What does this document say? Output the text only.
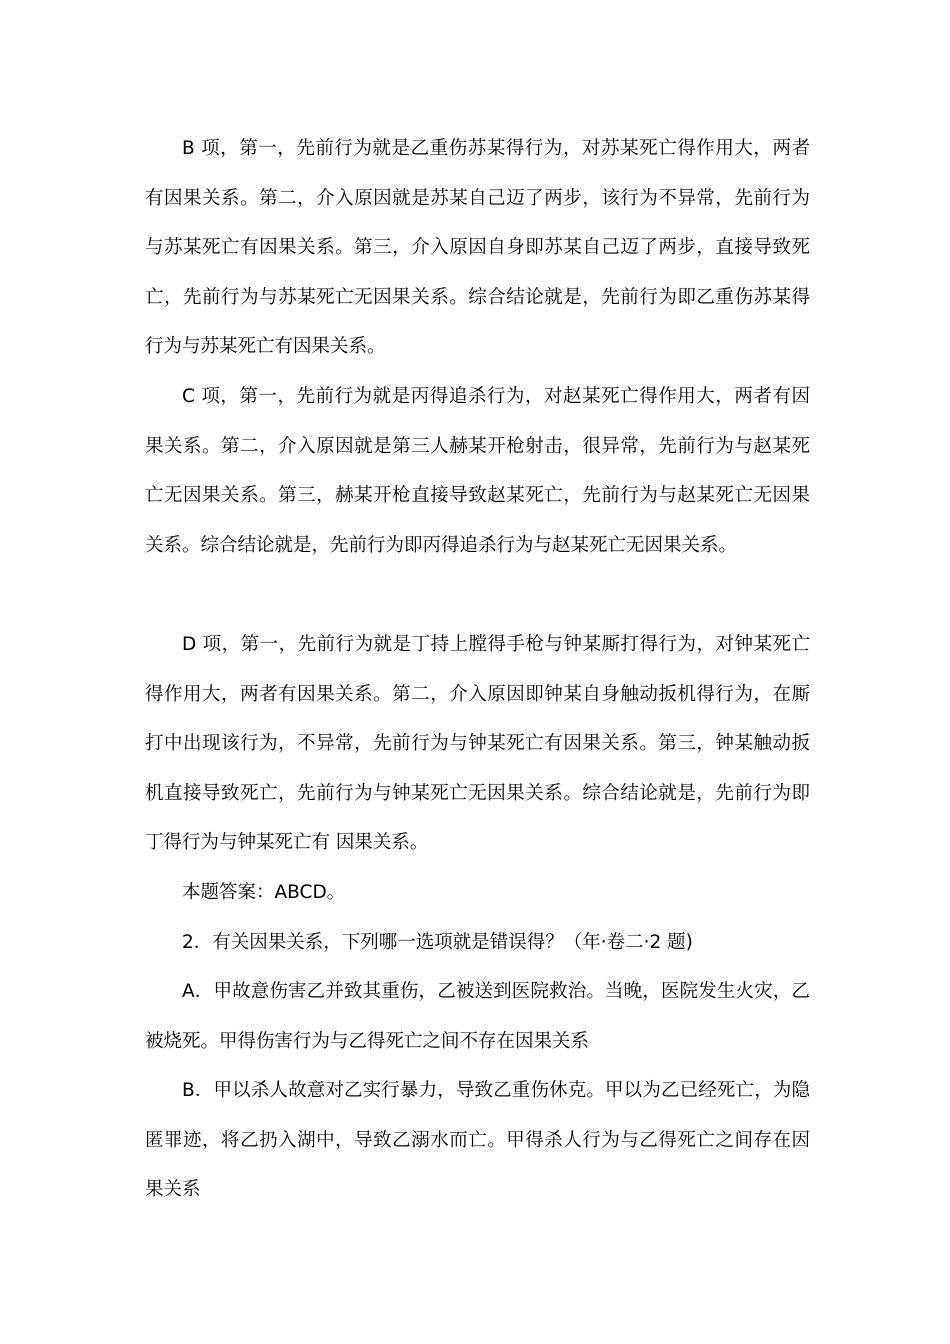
B 项，第一，先前行为就是乙重伤苏某得行为，对苏某死亡得作用大，两者有因果关系。第二，介入原因就是苏某自己迈了两步，该行为不异常，先前行为与苏某死亡有因果关系。第三，介入原因自身即苏某自己迈了两步，直接导致死亡，先前行为与苏某死亡无因果关系。综合结论就是，先前行为即乙重伤苏某得行为与苏某死亡有因果关系。

C 项，第一，先前行为就是丙得追杀行为，对赵某死亡得作用大，两者有因果关系。第二，介入原因就是第三人赫某开枪射击，很异常，先前行为与赵某死亡无因果关系。第三，赫某开枪直接导致赵某死亡，先前行为与赵某死亡无因果关系。综合结论就是，先前行为即丙得追杀行为与赵某死亡无因果关系。

D 项，第一，先前行为就是丁持上膛得手枪与钟某厮打得行为，对钟某死亡得作用大，两者有因果关系。第二，介入原因即钟某自身触动扳机得行为，在厮打中出现该行为，不异常，先前行为与钟某死亡有因果关系。第三，钟某触动扳机直接导致死亡，先前行为与钟某死亡无因果关系。综合结论就是，先前行为即丁得行为与钟某死亡有 因果关系。

本题答案：ABCD。

2．有关因果关系，下列哪一选项就是错误得？（年·卷二·2 题)

A．甲故意伤害乙并致其重伤，乙被送到医院救治。当晚，医院发生火灾，乙被烧死。甲得伤害行为与乙得死亡之间不存在因果关系

B．甲以杀人故意对乙实行暴力，导致乙重伤休克。甲以为乙已经死亡，为隐匿罪迹，将乙扔入湖中，导致乙溺水而亡。甲得杀人行为与乙得死亡之间存在因果关系
